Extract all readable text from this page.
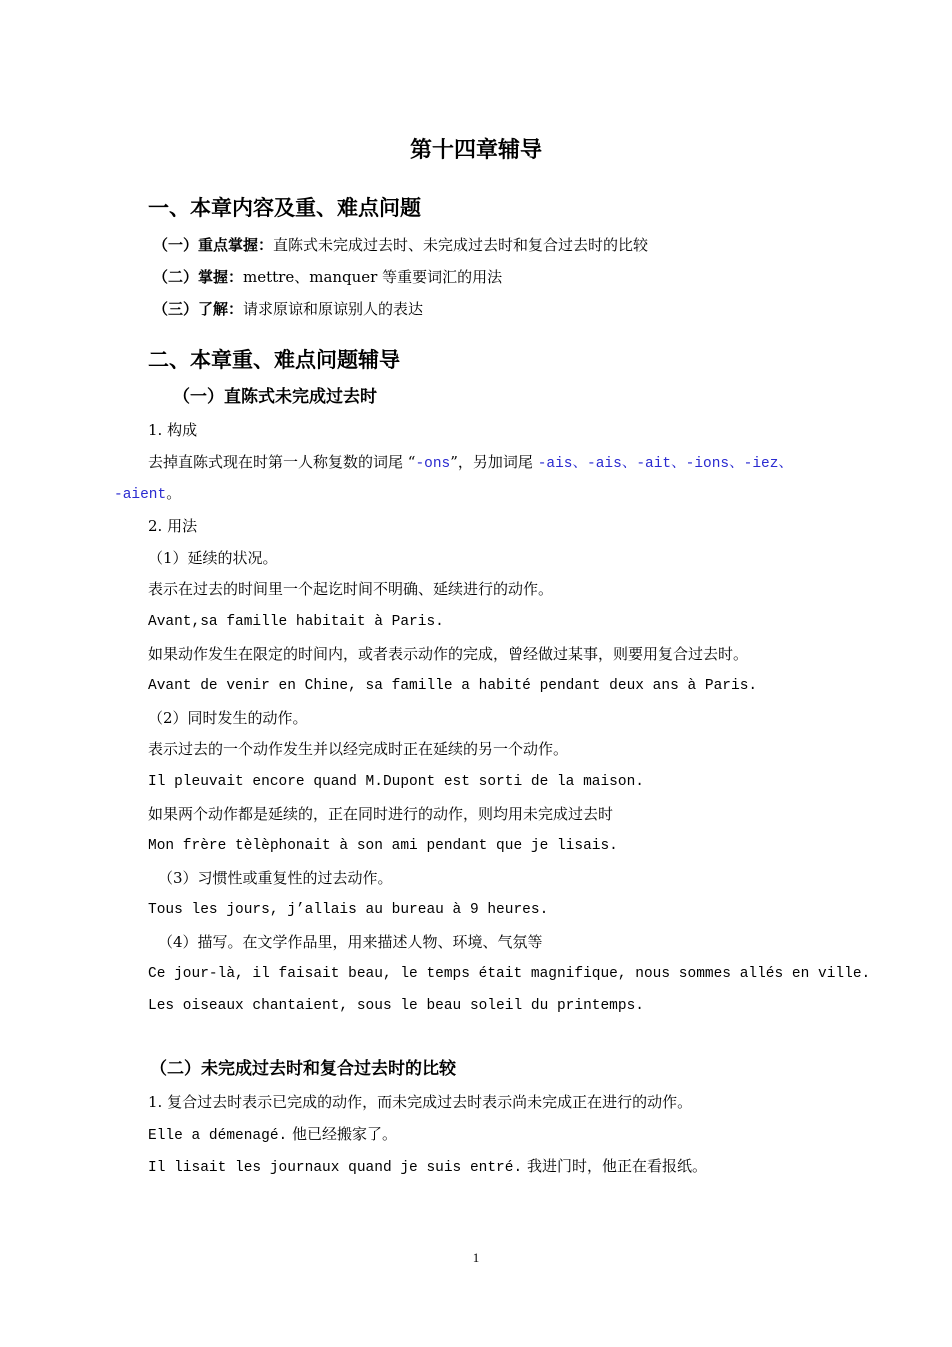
第十四章辅导
一、本章内容及重、难点问题
（一）重点掌握：直陈式未完成过去时、未完成过去时和复合过去时的比较
（二）掌握：mettre、manquer 等重要词汇的用法
（三）了解：请求原谅和原谅别人的表达
二、本章重、难点问题辅导
（一）直陈式未完成过去时
1. 构成
去掉直陈式现在时第一人称复数的词尾 “-ons”，另加词尾 -ais、-ais、-ait、-ions、-iez、
-aient。
2. 用法
（1）延续的状况。
表示在过去的时间里一个起讫时间不明确、延续进行的动作。
Avant,sa famille habitait à Paris.
如果动作发生在限定的时间内，或者表示动作的完成，曾经做过某事，则要用复合过去时。
Avant de venir en Chine, sa famille a habité pendant deux ans à Paris.
（2）同时发生的动作。
表示过去的一个动作发生并以经完成时正在延续的另一个动作。
Il pleuvait encore quand M.Dupont est sorti de la maison.
如果两个动作都是延续的，正在同时进行的动作，则均用未完成过去时
Mon frère tèlèphonait à son ami pendant que je lisais.
（3）习惯性或重复性的过去动作。
Tous les jours, j’allais au bureau à 9 heures.
（4）描写。在文学作品里，用来描述人物、环境、气氛等
Ce jour-là, il faisait beau, le temps était magnifique, nous sommes allés en ville.
Les oiseaux chantaient, sous le beau soleil du printemps.
（二）未完成过去时和复合过去时的比较
1. 复合过去时表示已完成的动作，而未完成过去时表示尚未完成正在进行的动作。
Elle a démenagé. 他已经搬家了。
Il lisait les journaux quand je suis entré. 我进门时，他正在看报纸。
1
